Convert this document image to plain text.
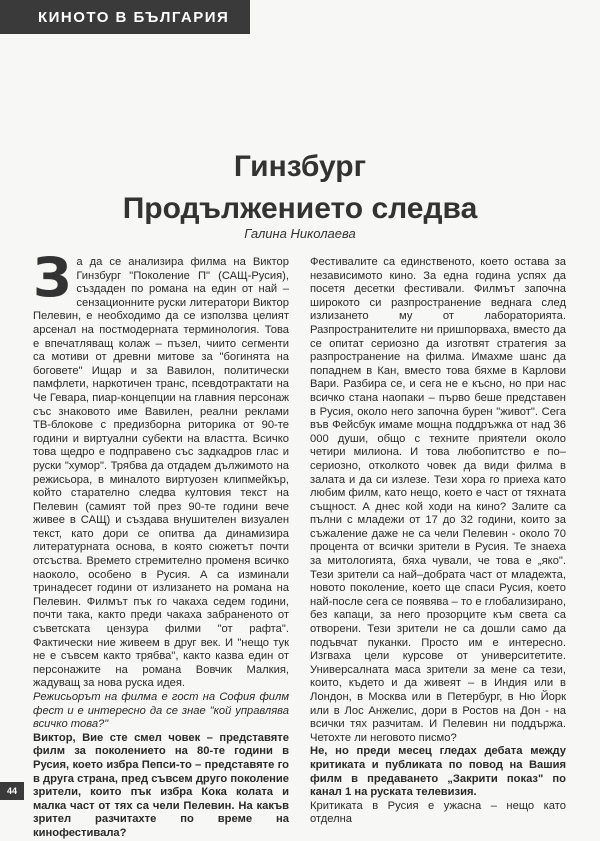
КИНОТО В БЪЛГАРИЯ
Гинзбург
Продължението следва
Галина Николаева
З а да се анализира филма на Виктор Гинзбург "Поколение П" (САЩ-Русия), създаден по романа на един от най – сензационните руски литератори Виктор Пелевин, е необходимо да се използва целият арсенал на постмодерната терминология. Това е впечатляващ колаж – пъзел, чиито сегменти са мотиви от древни митове за "богинята на боговете" Ищар и за Вавилон, политически памфлети, наркотичен транс, псевдотрактати на Че Гевара, пиар-концепции на главния персонаж със знаковото име Вавилен, реални реклами ТВ-блокове с предизборна риторика от 90-те години и виртуални субекти на властта. Всичко това щедро е подправено със задкадров глас и руски "хумор". Трябва да отдадем дължимото на режисьора, в миналото виртуозен клипмейкър, който старателно следва култовия текст на Пелевин (самият той през 90-те години вече живее в САЩ) и създава внушителен визуален текст, като дори се опитва да динамизира литературната основа, в която сюжетът почти отсъства. Времето стремително променя всичко наоколо, особено в Русия. А са изминали тринадесет години от излизането на романа на Пелевин. Филмът пък го чакаха седем години, почти така, както преди чакаха забраненото от съветската цензура филми "от рафта". Фактически ние живеем в друг век. И "нещо тук не е съвсем както трябва", както казва един от персонажите на романа Вовчик Малкия, жадуващ за нова руска идея.

Режисьорът на филма е гост на София филм фест и е интересно да се знае "кой управлява всичко това?"

Виктор, Вие сте смел човек – представяте филм за поколението на 80-те години в Русия, което избра Пепси-то – представяте го в друга страна, пред съвсем друго поколение зрители, които пък избра Кока колата и малка част от тях са чели Пелевин. На какъв зрител разчитахте по време на кинофестивала?

Фестивалите са единственото, което остава за независимото кино. За една година успях да посетя десетки фестивали. Филмът започна широкото си разпространение веднага след излизането му от лабораторията. Разпространителите ни пришпорваха, вместо да се опитат сериозно да изготвят стратегия за разпространение на филма. Имахме шанс да попаднем в Кан, вместо това бяхме в Карлови Вари. Разбира се, и сега не е късно, но при нас всичко стана наопаки – първо беше представен в Русия, около него започна бурен "живот". Сега във Фейсбук имаме мощна поддръжка от над 36 000 души, общо с техните приятели около четири милиона. И това любопитство е по–сериозно, отколкото човек да види филма в залата и да си излезе. Тези хора го приеха като любим филм, като нещо, което е част от тяхната същност. А днес кой ходи на кино? Залите са пълни с младежи от 17 до 32 години, които за съжаление даже не са чели Пелевин - около 70 процента от всички зрители в Русия. Те знаеха за митологията, бяха чували, че това е „яко". Тези зрители са най–добрата част от младежта, новото поколение, което ще спаси Русия, което най-после сега се появява – то е глобализирано, без капаци, за него прозорците към света са отворени. Тези зрители не са дошли само да подъвчат пуканки. Просто им е интересно. Изгваха цели курсове от университетите. Универсалната маса зрители за мене са тези, които, където и да живеят – в Индия или в Лондон, в Москва или в Петербург, в Ню Йорк или в Лос Анжелис, дори в Ростов на Дон - на всички тях разчитам. И Пелевин ни поддържа. Четохте ли неговото писмо?

Не, но преди месец гледах дебата между критиката и публиката по повод на Вашия филм в предаването „Закрити показ" по канал 1 на руската телевизия.

Критиката в Русия е ужасна – нещо като отделна

44
